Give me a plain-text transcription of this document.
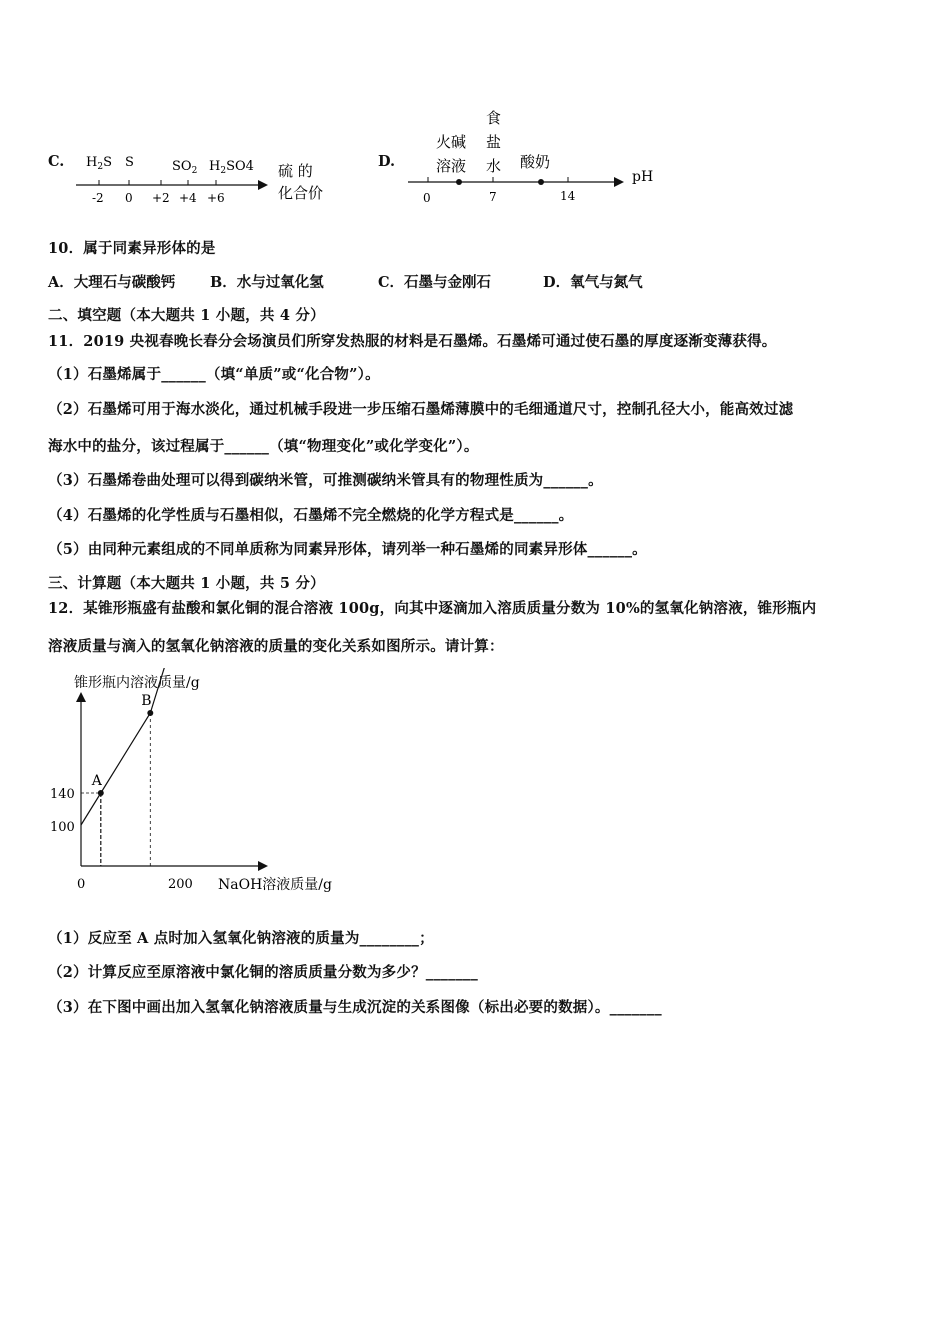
C. $H_2S$ S	$SO_2$ $H_2SO4$
-2 0 +2 +4 +6
硫 的
化合价
D.
食
火碱 盐
溶液 水 酸奶
0	7	14
pH
10．属于同素异形体的是
A．大理石与碳酸钙 B．水与过氧化氢	C．石墨与金刚石	D．氧气与氮气
二、填空题（本大题共 1 小题，共 4 分）
11．2019 央视春晚长春分会场演员们所穿发热服的材料是石墨烯。石墨烯可通过使石墨的厚度逐渐变薄获得。
（1）石墨烯属于______（填“单质”或“化合物”）。
（2）石墨烯可用于海水淡化，通过机械手段进一步压缩石墨烯薄膜中的毛细通道尺寸，控制孔径大小，能高效过滤
海水中的盐分，该过程属于______（填“物理变化”或化学变化”）。
（3）石墨烯卷曲处理可以得到碳纳米管，可推测碳纳米管具有的物理性质为______。
（4）石墨烯的化学性质与石墨相似，石墨烯不完全燃烧的化学方程式是______。
（5）由同种元素组成的不同单质称为同素异形体，请列举一种石墨烯的同素异形体______。
三、计算题（本大题共 1 小题，共 5 分）
12．某锥形瓶盛有盐酸和氯化铜的混合溶液 100g，向其中逐滴加入溶质质量分数为 10%的氢氧化钠溶液，锥形瓶内
溶液质量与滴入的氢氧化钠溶液的质量的变化关系如图所示。请计算：
锥形瓶内溶液质量/g
140
100
0	200 NaOH溶液质量/g
A
B
（1）反应至 A 点时加入氢氧化钠溶液的质量为________；
（2）计算反应至原溶液中氯化铜的溶质质量分数为多少？_______
（3）在下图中画出加入氢氧化钠溶液质量与生成沉淀的关系图像（标出必要的数据）。_______
